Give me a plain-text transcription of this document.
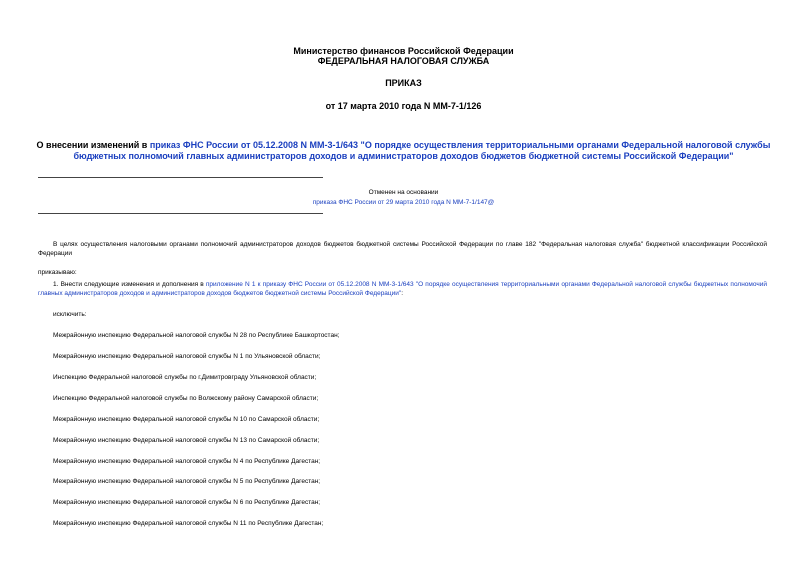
Министерство финансов Российской Федерации
ФЕДЕРАЛЬНАЯ НАЛОГОВАЯ СЛУЖБА
ПРИКАЗ
от 17 марта 2010 года N ММ-7-1/126
О внесении изменений в приказ ФНС России от 05.12.2008 N ММ-3-1/643 "О порядке осуществления территориальными органами Федеральной налоговой службы бюджетных полномочий главных администраторов доходов и администраторов доходов бюджетов бюджетной системы Российской Федерации"
Отменен на основании
приказа ФНС России от 29 марта 2010 года N ММ-7-1/147@
В целях осуществления налоговыми органами полномочий администраторов доходов бюджетов бюджетной системы Российской Федерации по главе 182 "Федеральная налоговая служба" бюджетной классификации Российской Федерации
приказываю:
1. Внести следующие изменения и дополнения в приложение N 1 к приказу ФНС России от 05.12.2008 N ММ-3-1/643 "О порядке осуществления территориальными органами Федеральной налоговой службы бюджетных полномочий главных администраторов доходов и администраторов доходов бюджетов бюджетной системы Российской Федерации":
исключить:
Межрайонную инспекцию Федеральной налоговой службы N 28 по Республике Башкортостан;
Межрайонную инспекцию Федеральной налоговой службы N 1 по Ульяновской области;
Инспекцию Федеральной налоговой службы по г.Димитровграду Ульяновской области;
Инспекцию Федеральной налоговой службы по Волжскому району Самарской области;
Межрайонную инспекцию Федеральной налоговой службы N 10 по Самарской области;
Межрайонную инспекцию Федеральной налоговой службы N 13 по Самарской области;
Межрайонную инспекцию Федеральной налоговой службы N 4 по Республике Дагестан;
Межрайонную инспекцию Федеральной налоговой службы N 5 по Республике Дагестан;
Межрайонную инспекцию Федеральной налоговой службы N 6 по Республике Дагестан;
Межрайонную инспекцию Федеральной налоговой службы N 11 по Республике Дагестан;
